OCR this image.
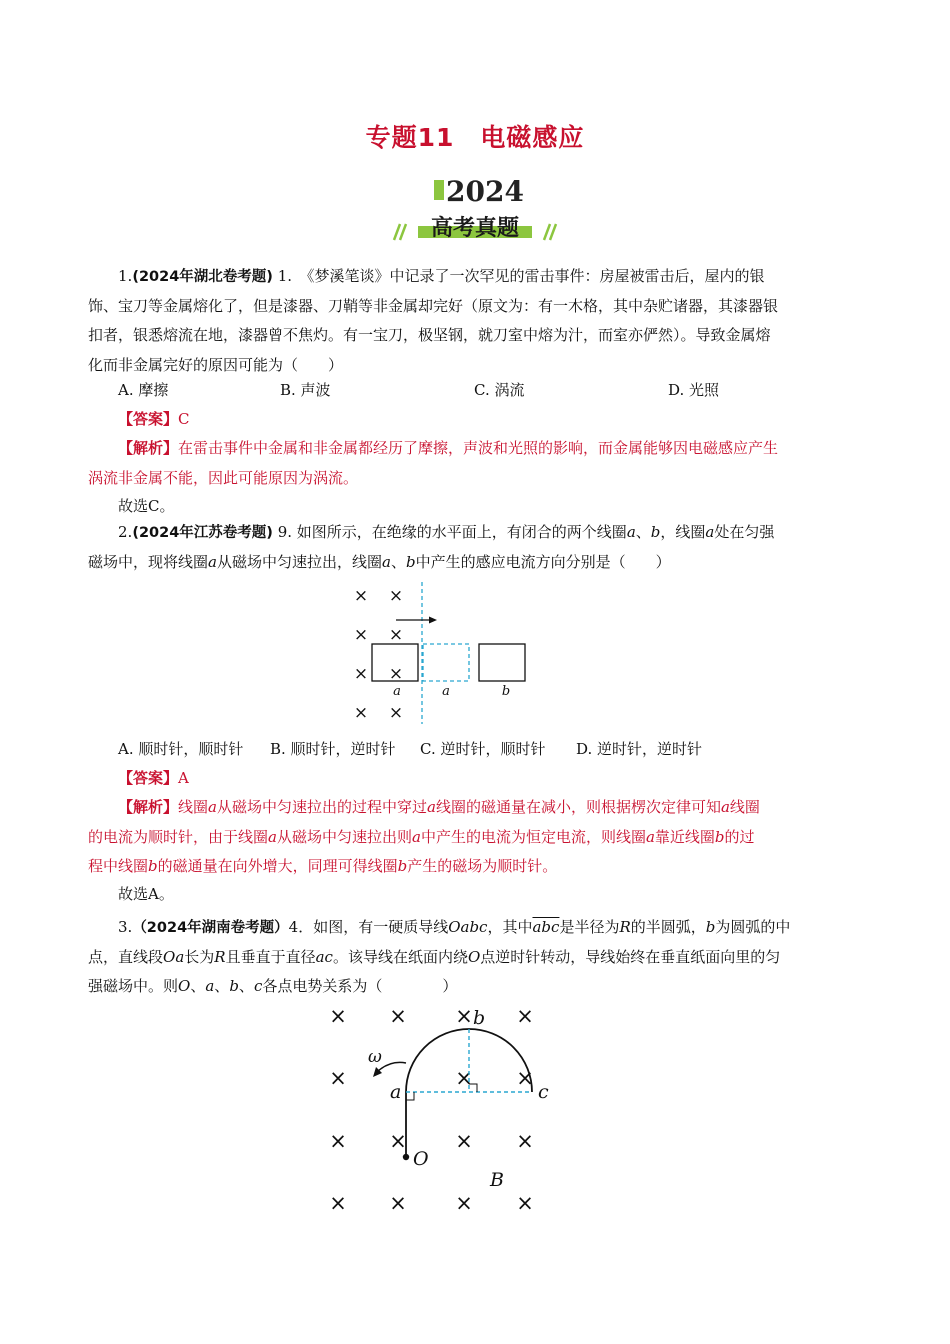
专题11　电磁感应
2024
高考真题

1.(2024年湖北卷考题) 1.　《梦溪笔谈》中记录了一次罕见的雷击事件：房屋被雷击后，屋内的银

饰、宝刀等金属熔化了，但是漆器、刀鞘等非金属却完好（原文为：有一木格，其中杂贮诸器，其漆器银
扣者，银悉熔流在地，漆器曾不焦灼。有一宝刀，极坚钢，就刀室中熔为汁，而室亦俨然）。导致金属熔
化而非金属完好的原因可能为（　　）

A. 摩擦	B. 声波	C. 涡流	D. 光照

【答案】C

【解析】在雷击事件中金属和非金属都经历了摩擦，声波和光照的影响，而金属能够因电磁感应产生

涡流非金属不能，因此可能原因为涡流。

故选C。

2.(2024年江苏卷考题) 9. 如图所示，在绝缘的水平面上，有闭合的两个线圈a、b，线圈a处在匀强

磁场中，现将线圈a从磁场中匀速拉出，线圈a、b中产生的感应电流方向分别是（　　）

× ×
× ×
× ×
× ×
a	a	b
A. 顺时针，顺时针 B. 顺时针，逆时针 C. 逆时针，顺时针 D. 逆时针，逆时针

【答案】A

【解析】线圈a从磁场中匀速拉出的过程中穿过a线圈的磁通量在减小，则根据楞次定律可知a线圈

的电流为顺时针，由于线圈a从磁场中匀速拉出则a中产生的电流为恒定电流，则线圈a靠近线圈b的过
程中线圈b的磁通量在向外增大，同理可得线圈b产生的磁场为顺时针。

故选A。

3.（2024年湖南卷考题）4．如图，有一硬质导线Oabc，其中$\overline{abc}$是半径为R的半圆弧，b为圆弧的中

点，直线段Oa长为R且垂直于直径ac。该导线在纸面内绕O点逆时针转动，导线始终在垂直纸面向里的匀
强磁场中。则O、a、b、c各点电势关系为（　　　　）

× × × ×
×	× ×
× × × ×
× × × ×
ω
b
a	c
O
B
